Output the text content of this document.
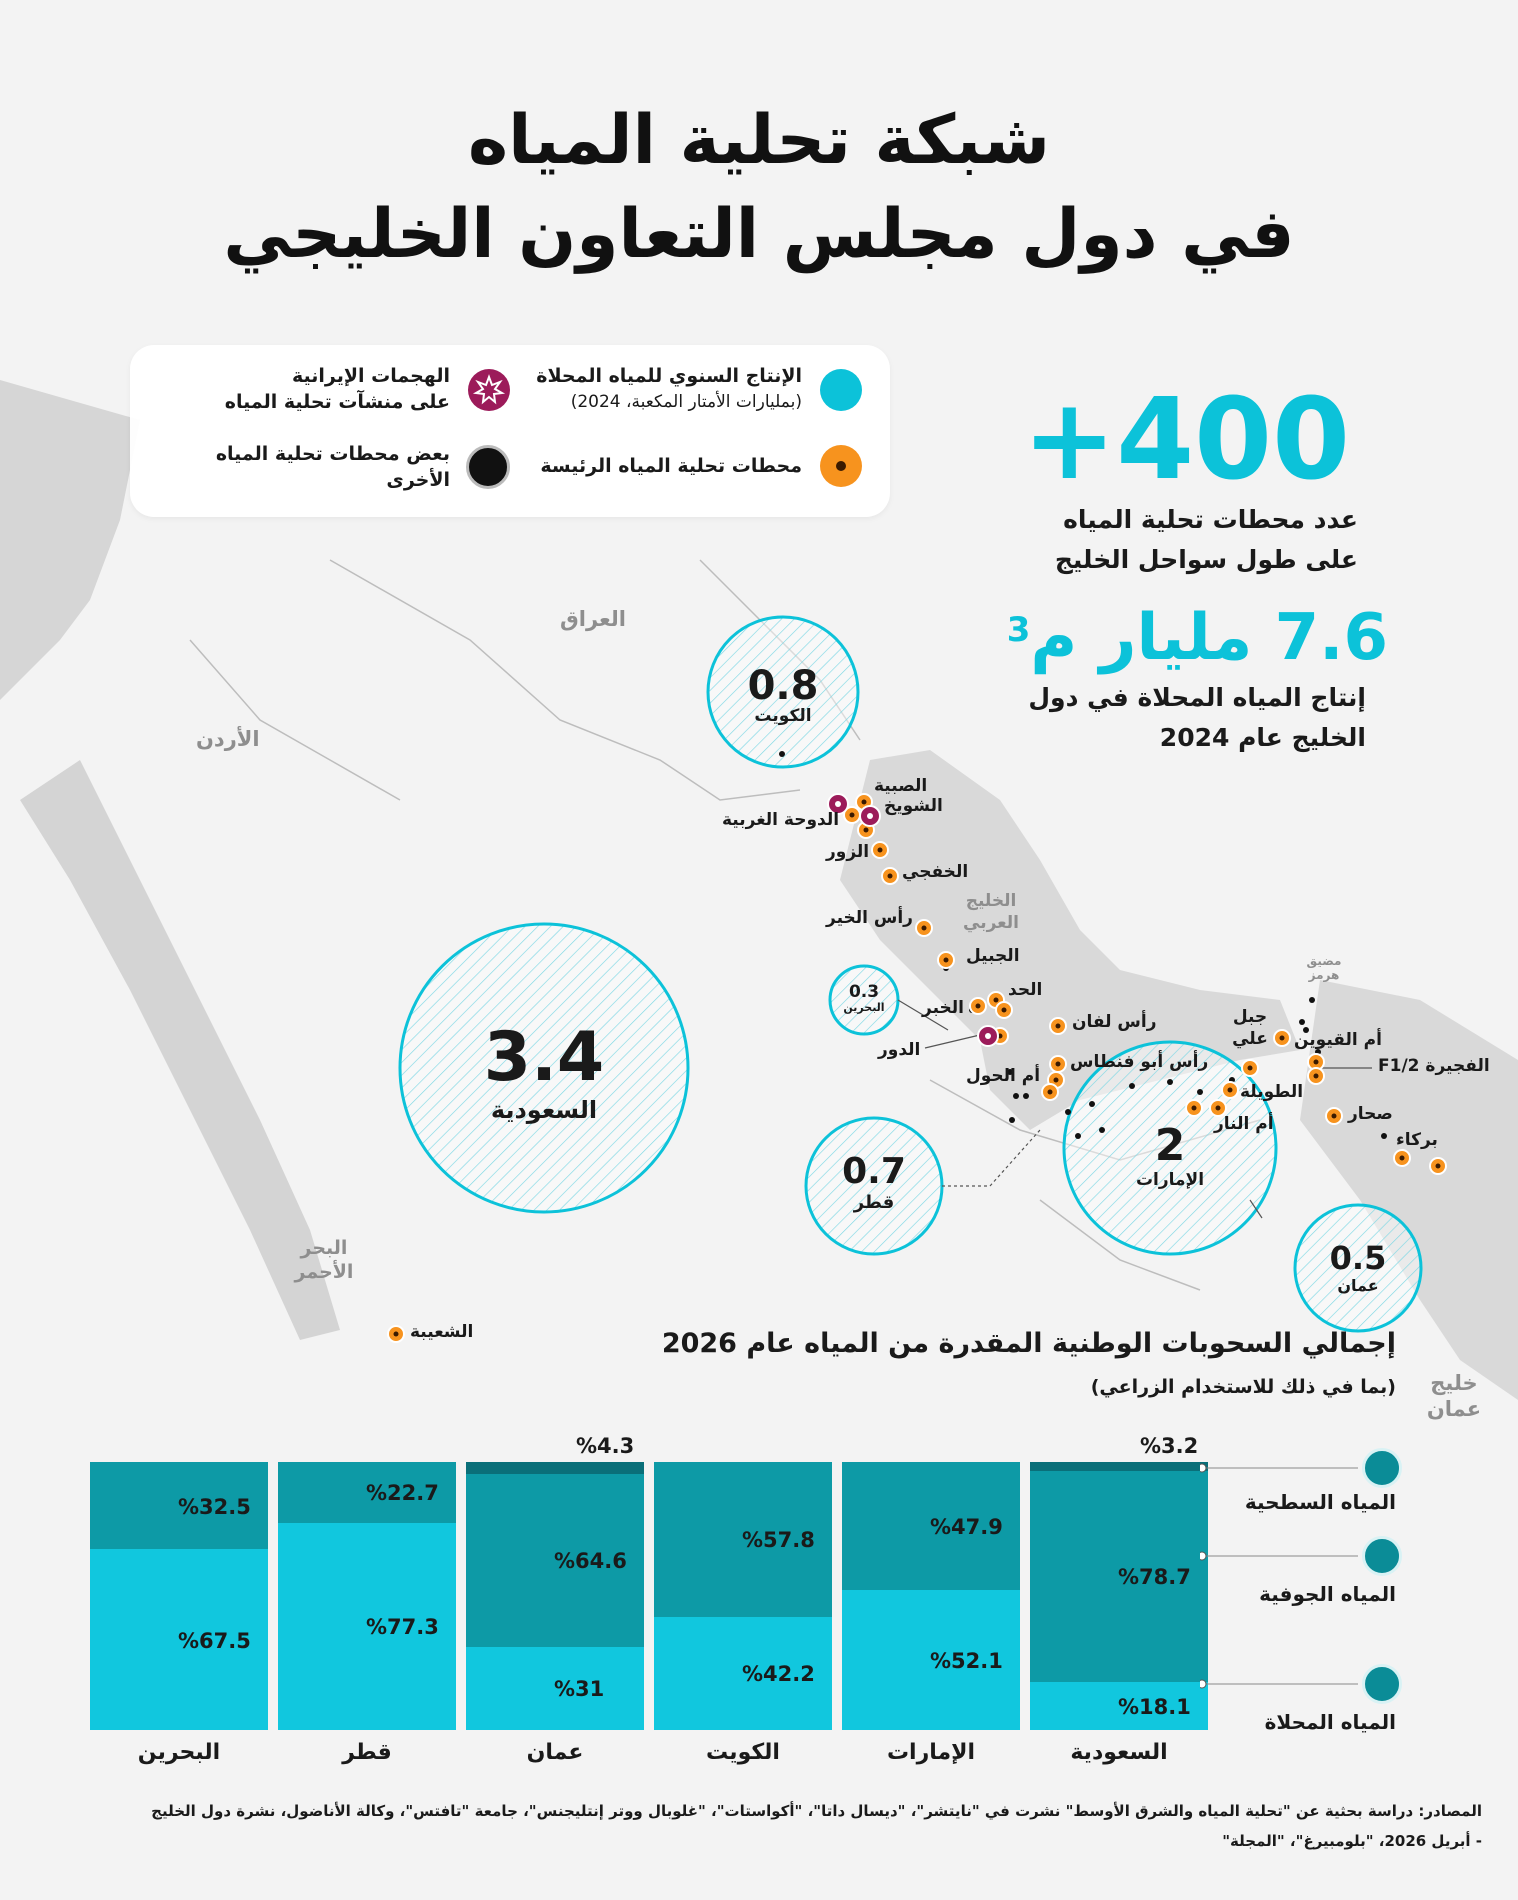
شبكة تحلية المياه
في دول مجلس التعاون الخليجي
الإنتاج السنوي للمياه المحلاة
(بمليارات الأمتار المكعبة، 2024)
محطات تحلية المياه الرئيسة
الهجمات الإيرانية
على منشآت تحلية المياه
بعض محطات تحلية المياه
الأخرى	+400
عدد محطات تحلية المياه
على طول سواحل الخليج
7.6 مليار م$^3$
إنتاج المياه المحلاة في دول
الخليج عام 2024
العراق
الأردن
الخليج العربي
مضيق هرمز
البحر الأحمر
خليج عمان
0.8
الكويت
0.3
البحرين
3.4
السعودية
0.7
قطر
2
الإمارات
0.5
عمان
الصبية
الشويخ
الدوحة الغربية
الزور
الخفجي
رأس الخير
الجبيل
الحد
الخبر
الدور
رأس لفان
أم الحول
رأس أبو فنطاس
جبل علي أم القيوين
الفجيرة F1/2
الطويلة
أم النار	صحار
بركاء
الشعيبة	إجمالي السحوبات الوطنية المقدرة من المياه عام 2026
(بما في ذلك للاستخدام الزراعي)
%18.1
%78.7
السعودية
%52.1
%47.9
الإمارات
%42.2
%57.8
الكويت
%31
%64.6
عمان
%77.3
%22.7
قطر
%67.5
%32.5
البحرين
المياه السطحية
المياه الجوفية
المياه المحلاة
المصادر: دراسة بحثية عن "تحلية المياه والشرق الأوسط" نشرت في "نايتشر"، "ديسال داتا"، "أكواستات"، "غلوبال ووتر إنتليجنس"، جامعة "تافتس"، وكالة الأناضول، نشرة دول الخليج
- أبريل 2026، "بلومبيرغ"، "المجلة"
%3.2
%4.3
